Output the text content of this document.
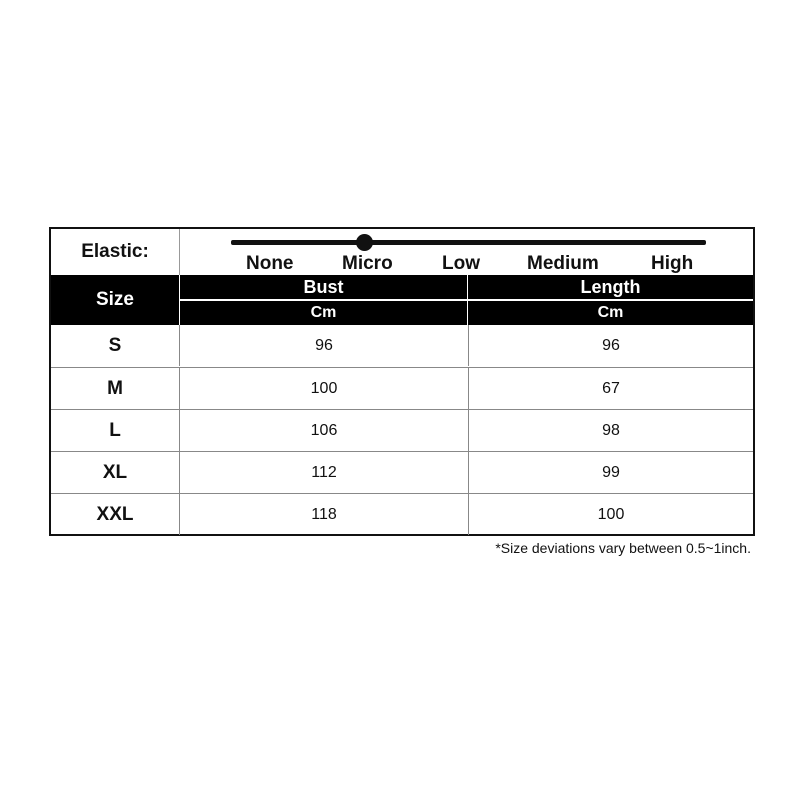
Elastic:
None	Micro	Low Medium	High
Size
Bust	Length
Cm	Cm
S	96	96
M	100	67
L	106	98
XL	112	99
XXL	118	100
*Size deviations vary between 0.5~1inch.
